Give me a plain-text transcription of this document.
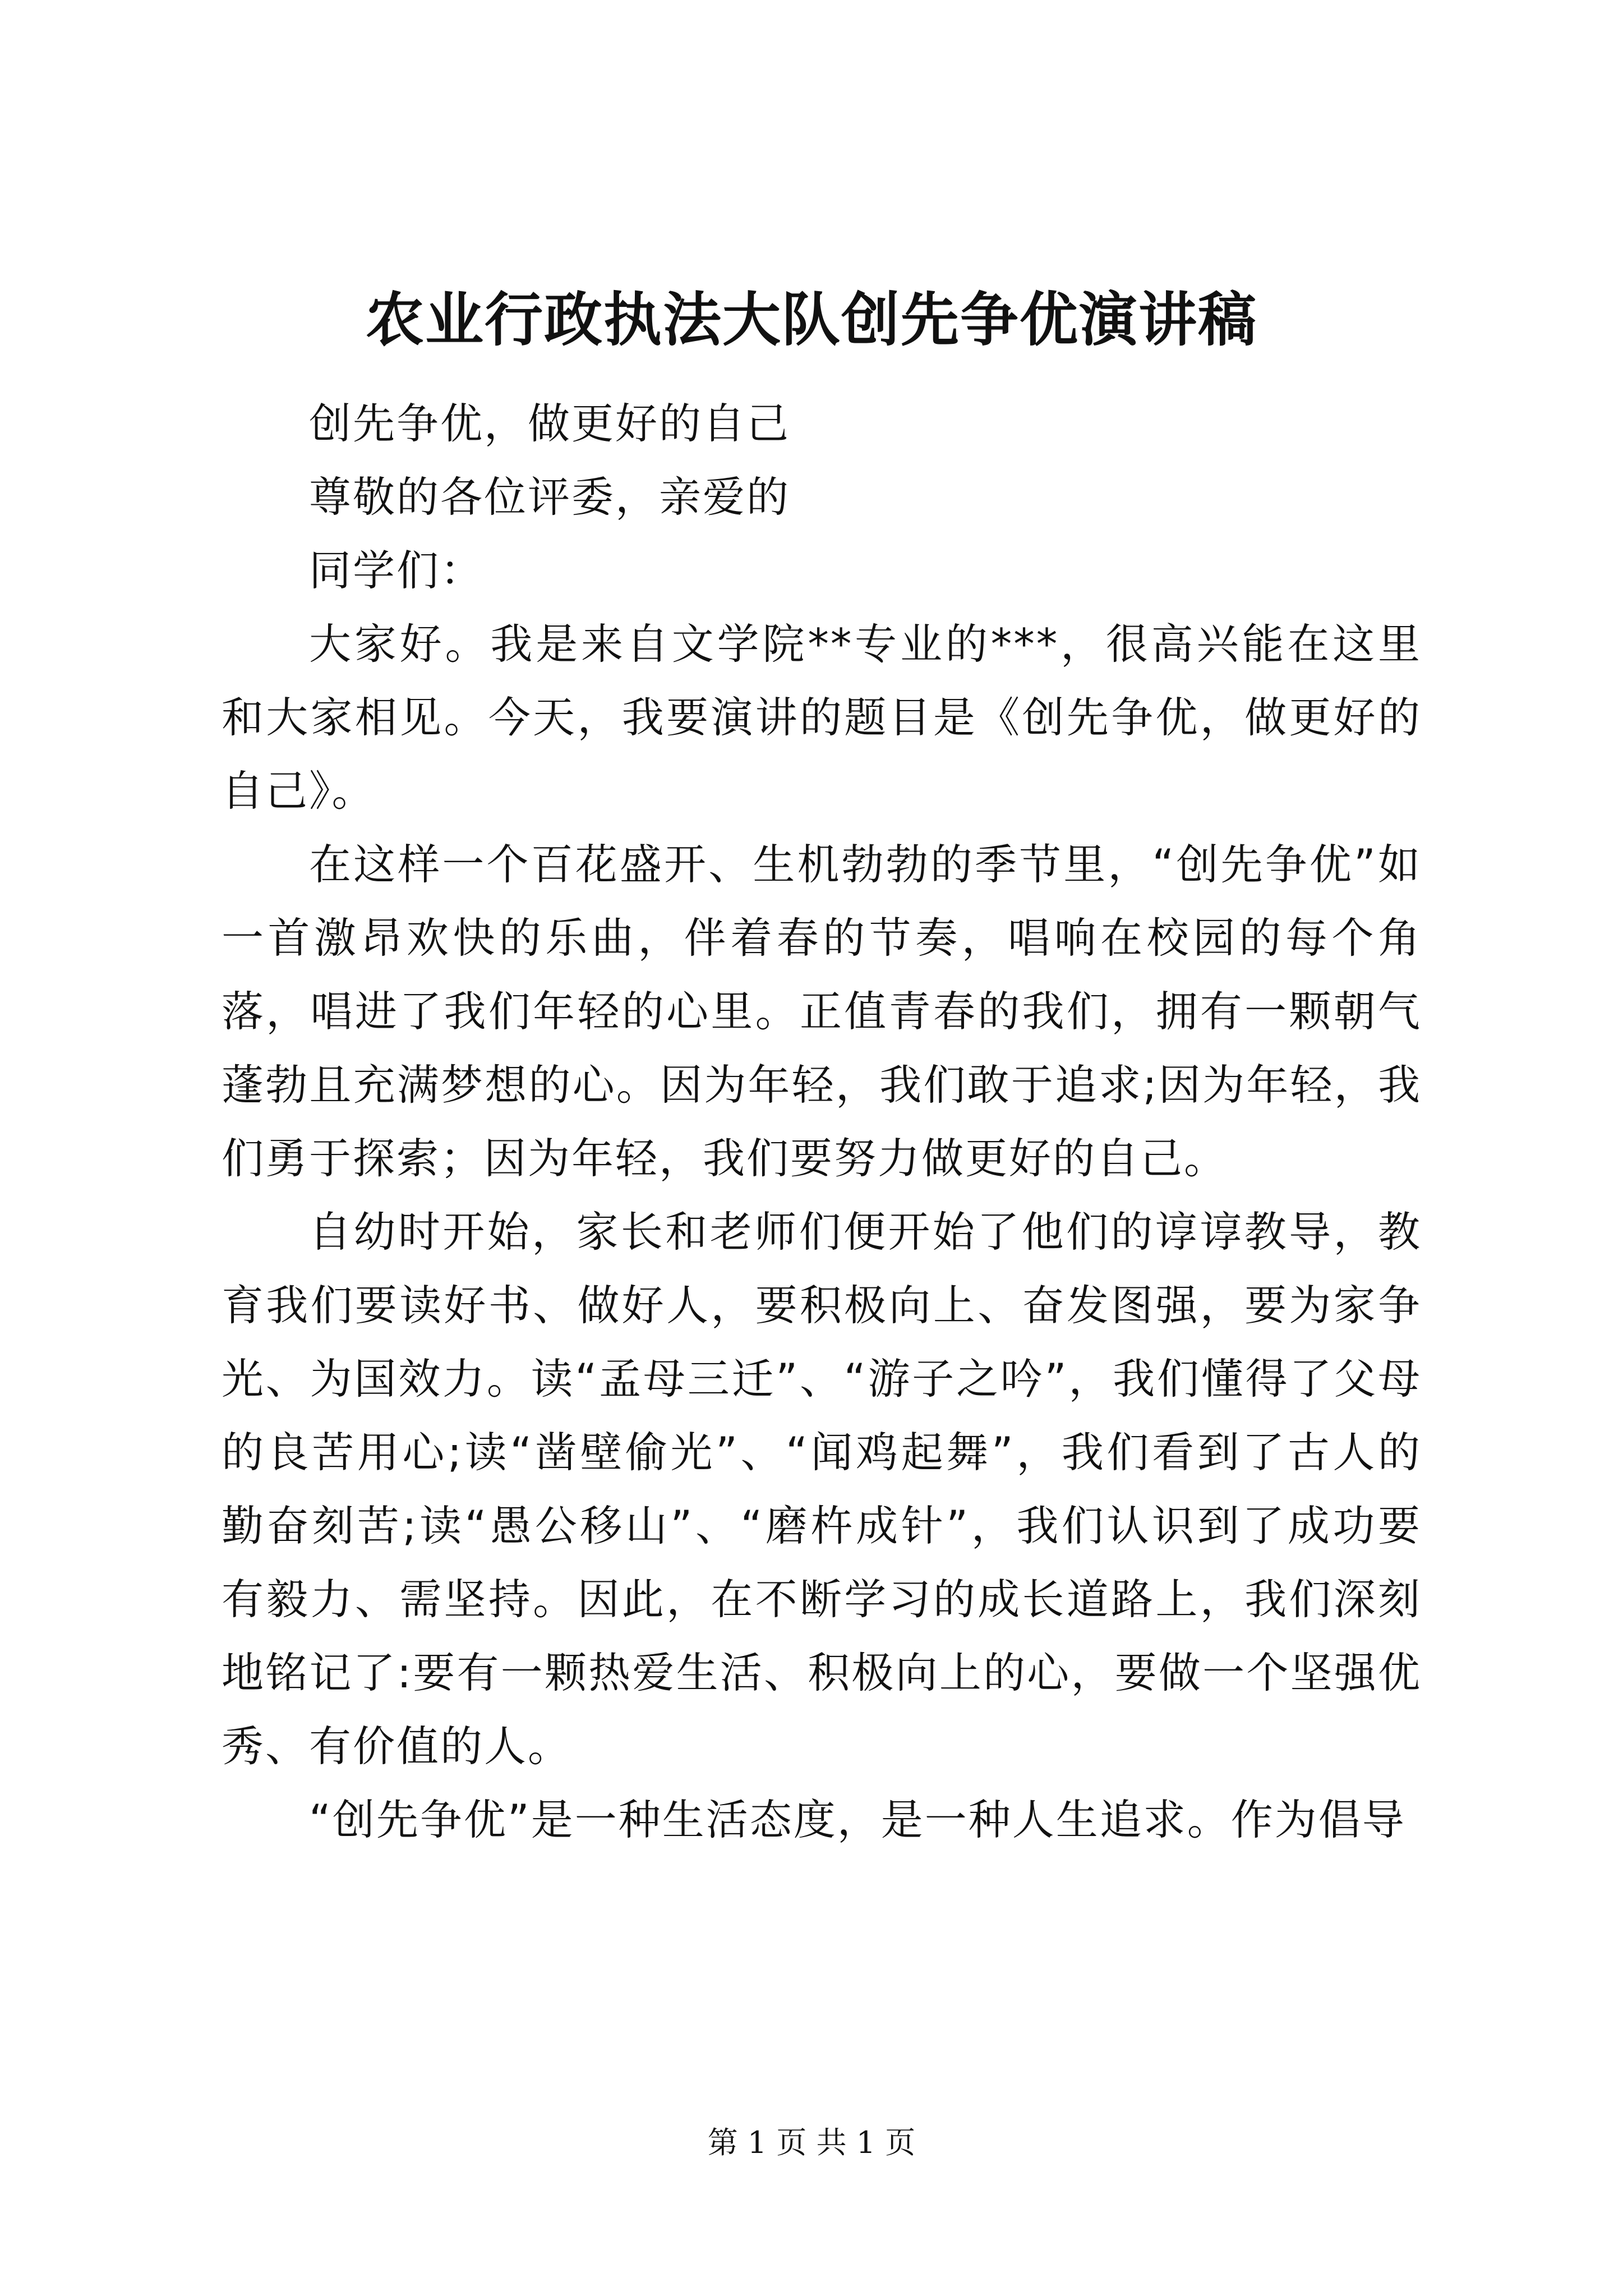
农业行政执法大队创先争优演讲稿

创先争优，做更好的自己

尊敬的各位评委，亲爱的

同学们：

大家好。我是来自文学院**专业的***，很高兴能在这里和大家相见。今天，我要演讲的题目是《创先争优，做更好的自己》。

在这样一个百花盛开、生机勃勃的季节里，“创先争优”如一首激昂欢快的乐曲，伴着春的节奏，唱响在校园的每个角落，唱进了我们年轻的心里。正值青春的我们，拥有一颗朝气蓬勃且充满梦想的心。因为年轻，我们敢于追求;因为年轻，我们勇于探索；因为年轻，我们要努力做更好的自己。

自幼时开始，家长和老师们便开始了他们的谆谆教导，教育我们要读好书、做好人，要积极向上、奋发图强，要为家争光、为国效力。读“孟母三迁”、“游子之吟”，我们懂得了父母的良苦用心;读“凿壁偷光”、“闻鸡起舞”，我们看到了古人的勤奋刻苦;读“愚公移山”、“磨杵成针”，我们认识到了成功要有毅力、需坚持。因此，在不断学习的成长道路上，我们深刻地铭记了:要有一颗热爱生活、积极向上的心，要做一个坚强优秀、有价值的人。

“创先争优”是一种生活态度，是一种人生追求。作为倡导

第 1 页 共 1 页
